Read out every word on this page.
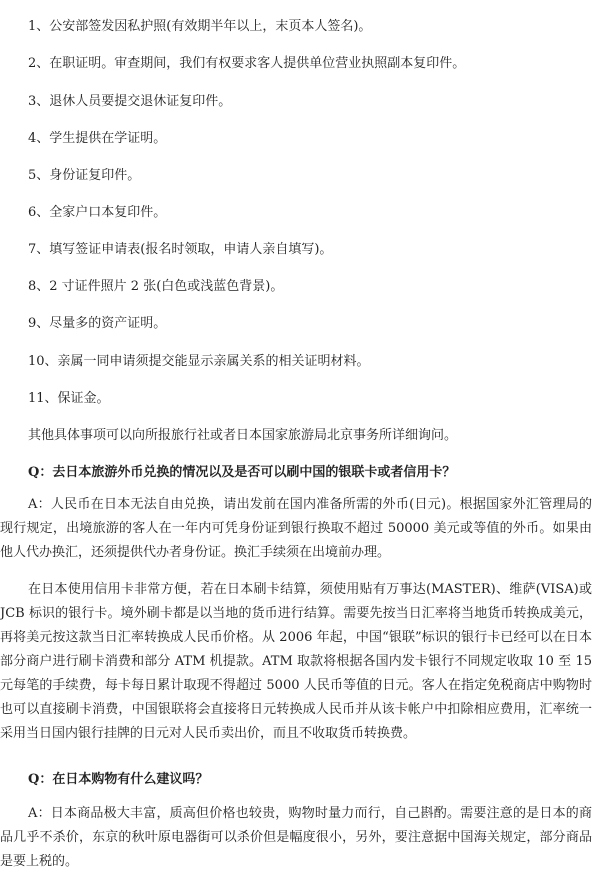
1、公安部签发因私护照(有效期半年以上，末页本人签名)。
2、在职证明。审查期间，我们有权要求客人提供单位营业执照副本复印件。
3、退休人员要提交退休证复印件。
4、学生提供在学证明。
5、身份证复印件。
6、全家户口本复印件。
7、填写签证申请表(报名时领取，申请人亲自填写)。
8、2 寸证件照片 2 张(白色或浅蓝色背景)。
9、尽量多的资产证明。
10、亲属一同申请须提交能显示亲属关系的相关证明材料。
11、保证金。
其他具体事项可以向所报旅行社或者日本国家旅游局北京事务所详细询问。
Q：去日本旅游外币兑换的情况以及是否可以刷中国的银联卡或者信用卡？

A：人民币在日本无法自由兑换，请出发前在国内准备所需的外币(日元)。根据国家外汇管理局的现行规定，出境旅游的客人在一年内可凭身份证到银行换取不超过 50000 美元或等值的外币。如果由他人代办换汇，还须提供代办者身份证。换汇手续须在出境前办理。

在日本使用信用卡非常方便，若在日本刷卡结算，须使用贴有万事达(MASTER)、维萨(VISA)或 JCB 标识的银行卡。境外刷卡都是以当地的货币进行结算。需要先按当日汇率将当地货币转换成美元，再将美元按这款当日汇率转换成人民币价格。从 2006 年起，中国“银联”标识的银行卡已经可以在日本部分商户进行刷卡消费和部分 ATM 机提款。ATM 取款将根据各国内发卡银行不同规定收取 10 至 15 元每笔的手续费，每卡每日累计取现不得超过 5000 人民币等值的日元。客人在指定免税商店中购物时也可以直接刷卡消费，中国银联将会直接将日元转换成人民币并从该卡帐户中扣除相应费用，汇率统一采用当日国内银行挂牌的日元对人民币卖出价，而且不收取货币转换费。

Q：在日本购物有什么建议吗？

A：日本商品极大丰富，质高但价格也较贵，购物时量力而行，自己斟酌。需要注意的是日本的商品几乎不杀价，东京的秋叶原电器街可以杀价但是幅度很小，另外，要注意据中国海关规定，部分商品是要上税的。
